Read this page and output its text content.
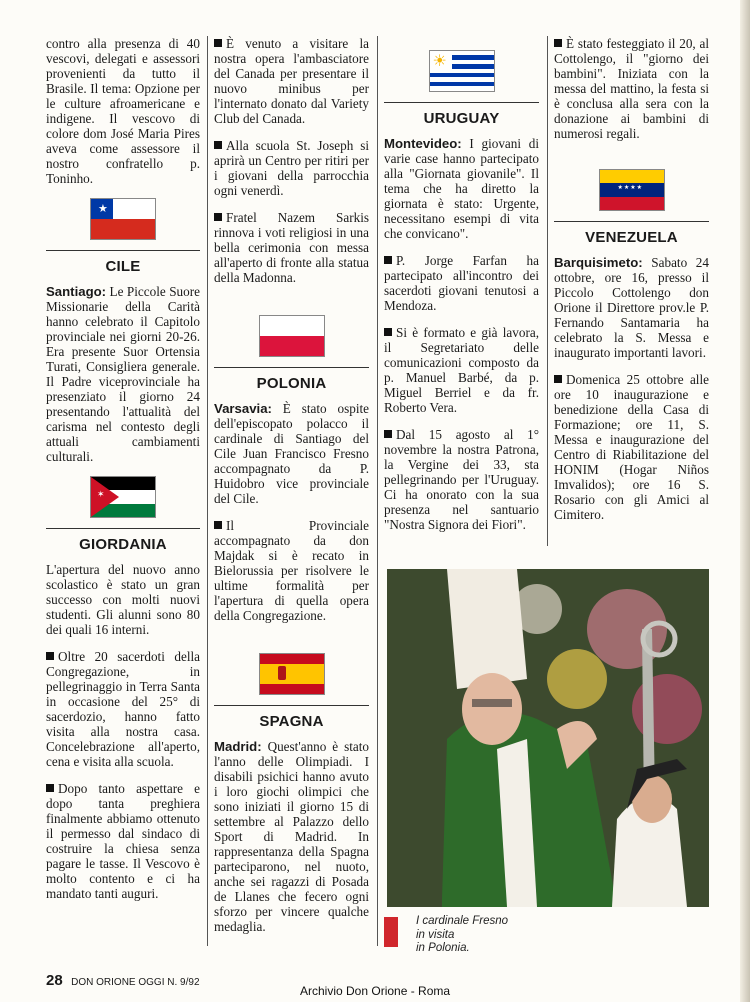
contro alla presenza di 40 vescovi, delegati e assessori provenienti da tutto il Brasile. Il tema: Opzione per le culture afroamericane e indigene. Il vescovo di colore dom José Maria Pires aveva come assessore il nostro confratello p. Toninho.

★
CILE

Santiago: Le Piccole Suore Missionarie della Carità hanno celebrato il Capitolo provinciale nei giorni 20-26. Era presente Suor Ortensia Turati, Consigliera generale. Il Padre viceprovinciale ha presenziato il giorno 24 presentando l'attualità del carisma nel contesto degli attuali cambiamenti culturali.

✶
GIORDANIA

L'apertura del nuovo anno scolastico è stato un gran successo con molti nuovi studenti. Gli alunni sono 80 dei quali 16 interni.

Oltre 20 sacerdoti della Congregazione, in pellegrinaggio in Terra Santa in occasione del 25° di sacerdozio, hanno fatto visita alla nostra casa. Concelebrazione all'aperto, cena e visita alla scuola.

Dopo tanto aspettare e dopo tanta preghiera finalmente abbiamo ottenuto il permesso dal sindaco di costruire la chiesa senza pagare le tasse. Il Vescovo è molto contento e ci ha mandato tanti auguri.

È venuto a visitare la nostra opera l'ambasciatore del Canada per presentare il nuovo minibus per l'internato donato dal Variety Club del Canada.

Alla scuola St. Joseph si aprirà un Centro per ritiri per i giovani della parrocchia ogni venerdì.

Fratel Nazem Sarkis rinnova i voti religiosi in una bella cerimonia con messa all'aperto di fronte alla statua della Madonna.

POLONIA

Varsavia: È stato ospite dell'episcopato polacco il cardinale di Santiago del Cile Juan Francisco Fresno accompagnato da P. Huidobro vice provinciale del Cile.

Il Provinciale accompagnato da don Majdak si è recato in Bielorussia per risolvere le ultime formalità per l'apertura di quella opera della Congregazione.

SPAGNA

Madrid: Quest'anno è stato l'anno delle Olimpiadi. I disabili psichici hanno avuto i loro giochi olimpici che sono iniziati il giorno 15 di settembre al Palazzo dello Sport di Madrid. In rappresentanza della Spagna parteciparono, nel nuoto, anche sei ragazzi di Posada de Llanes che fecero ogni sforzo per vincere qualche medaglia.

☀
URUGUAY

Montevideo: I giovani di varie case hanno partecipato alla "Giornata giovanile". Il tema che ha diretto la giornata è stato: Urgente, necessitano esempi di vita che convicano".

P. Jorge Farfan ha partecipato all'incontro dei sacerdoti giovani tenutosi a Mendoza.

Si è formato e già lavora, il Segretariato delle comunicazioni composto da p. Manuel Barbé, da p. Miguel Berriel e da fr. Roberto Vera.

Dal 15 agosto al 1° novembre la nostra Patrona, la Vergine dei 33, sta pellegrinando per l'Uruguay. Ci ha onorato con la sua presenza nel santuario "Nostra Signora dei Fiori".

È stato festeggiato il 20, al Cottolengo, il "giorno dei bambini". Iniziata con la messa del mattino, la festa si è conclusa alla sera con la donazione ai bambini di numerosi regali.

★★★★
VENEZUELA

Barquisimeto: Sabato 24 ottobre, ore 16, presso il Piccolo Cottolengo don Orione il Direttore prov.le P. Fernando Santamaria ha celebrato la S. Messa e inaugurato importanti lavori.

Domenica 25 ottobre alle ore 10 inaugurazione e benedizione della Casa di Formazione; ore 11, S. Messa e inaugurazione del Centro di Riabilitazione del HONIM (Hogar Niños Imvalidos); ore 16 S. Rosario con gli Amici al Cimitero.

I cardinale Fresno
in visita
in Polonia.
28 DON ORIONE OGGI N. 9/92
Archivio Don Orione - Roma
